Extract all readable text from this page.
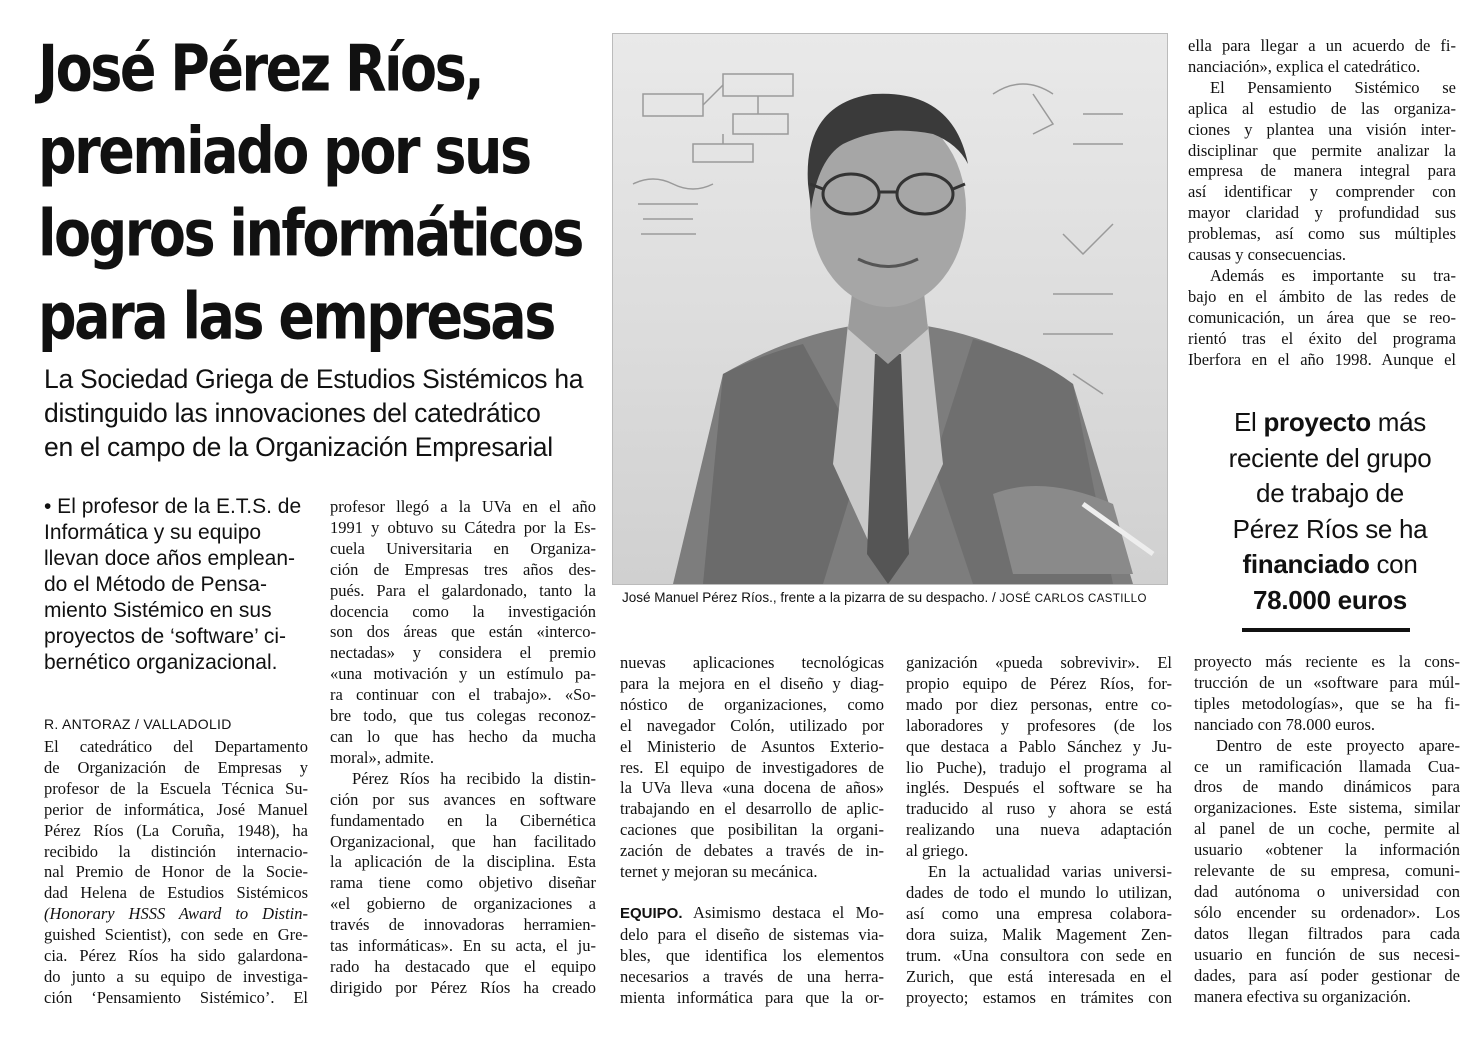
José Pérez Ríos,
premiado por sus
logros informáticos
para las empresas
La Sociedad Griega de Estudios Sistémicos ha
distinguido las innovaciones del catedrático
en el campo de la Organización Empresarial
• El profesor de la E.T.S. de
Informática y su equipo
llevan doce años emplean-
do el Método de Pensa-
miento Sistémico en sus
proyectos de ‘software’ ci-
bernético organizacional.
R. ANTORAZ / VALLADOLID
El catedrático del Departamento
de Organización de Empresas y
profesor de la Escuela Técnica Su-
perior de informática, José Manuel
Pérez Ríos (La Coruña, 1948), ha
recibido la distinción internacio-
nal Premio de Honor de la Socie-
dad Helena de Estudios Sistémicos
(Honorary HSSS Award to Distin-
guished Scientist), con sede en Gre-
cia. Pérez Ríos ha sido galardona-
do junto a su equipo de investiga-
ción ‘Pensamiento Sistémico’. El
profesor llegó a la UVa en el año
1991 y obtuvo su Cátedra por la Es-
cuela Universitaria en Organiza-
ción de Empresas tres años des-
pués. Para el galardonado, tanto la
docencia como la investigación
son dos áreas que están «interco-
nectadas» y considera el premio
«una motivación y un estímulo pa-
ra continuar con el trabajo». «So-
bre todo, que tus colegas reconoz-
can lo que has hecho da mucha
moral», admite.
Pérez Ríos ha recibido la distin-
ción por sus avances en software
fundamentado en la Cibernética
Organizacional, que han facilitado
la aplicación de la disciplina. Esta
rama tiene como objetivo diseñar
«el gobierno de organizaciones a
través de innovadoras herramien-
tas informáticas». En su acta, el ju-
rado ha destacado que el equipo
dirigido por Pérez Ríos ha creado
José Manuel Pérez Ríos., frente a la pizarra de su despacho. / JOSÉ CARLOS CASTILLO
nuevas aplicaciones tecnológicas
para la mejora en el diseño y diag-
nóstico de organizaciones, como
el navegador Colón, utilizado por
el Ministerio de Asuntos Exterio-
res. El equipo de investigadores de
la UVa lleva «una docena de años»
trabajando en el desarrollo de aplic-
caciones que posibilitan la organi-
zación de debates a través de in-
ternet y mejoran su mecánica.
EQUIPO. Asimismo destaca el Mo-
delo para el diseño de sistemas via-
bles, que identifica los elementos
necesarios a través de una herra-
mienta informática para que la or-
ganización «pueda sobrevivir». El
propio equipo de Pérez Ríos, for-
mado por diez personas, entre co-
laboradores y profesores (de los
que destaca a Pablo Sánchez y Ju-
lio Puche), tradujo el programa al
inglés. Después el software se ha
traducido al ruso y ahora se está
realizando una nueva adaptación
al griego.
En la actualidad varias universi-
dades de todo el mundo lo utilizan,
así como una empresa colabora-
dora suiza, Malik Magement Zen-
trum. «Una consultora con sede en
Zurich, que está interesada en el
proyecto; estamos en trámites con
ella para llegar a un acuerdo de fi-
nanciación», explica el catedrático.
El Pensamiento Sistémico se
aplica al estudio de las organiza-
ciones y plantea una visión inter-
disciplinar que permite analizar la
empresa de manera integral para
así identificar y comprender con
mayor claridad y profundidad sus
problemas, así como sus múltiples
causas y consecuencias.
Además es importante su tra-
bajo en el ámbito de las redes de
comunicación, un área que se reo-
rientó tras el éxito del programa
Iberfora en el año 1998. Aunque el
El proyecto más
reciente del grupo
de trabajo de
Pérez Ríos se ha
financiado con
78.000 euros
proyecto más reciente es la cons-
trucción de un «software para múl-
tiples metodologías», que se ha fi-
nanciado con 78.000 euros.
Dentro de este proyecto apare-
ce un ramificación llamada Cua-
dros de mando dinámicos para
organizaciones. Este sistema, similar
al panel de un coche, permite al
usuario «obtener la información
relevante de su empresa, comuni-
dad autónoma o universidad con
sólo encender su ordenador». Los
datos llegan filtrados para cada
usuario en función de sus necesi-
dades, para así poder gestionar de
manera efectiva su organización.
